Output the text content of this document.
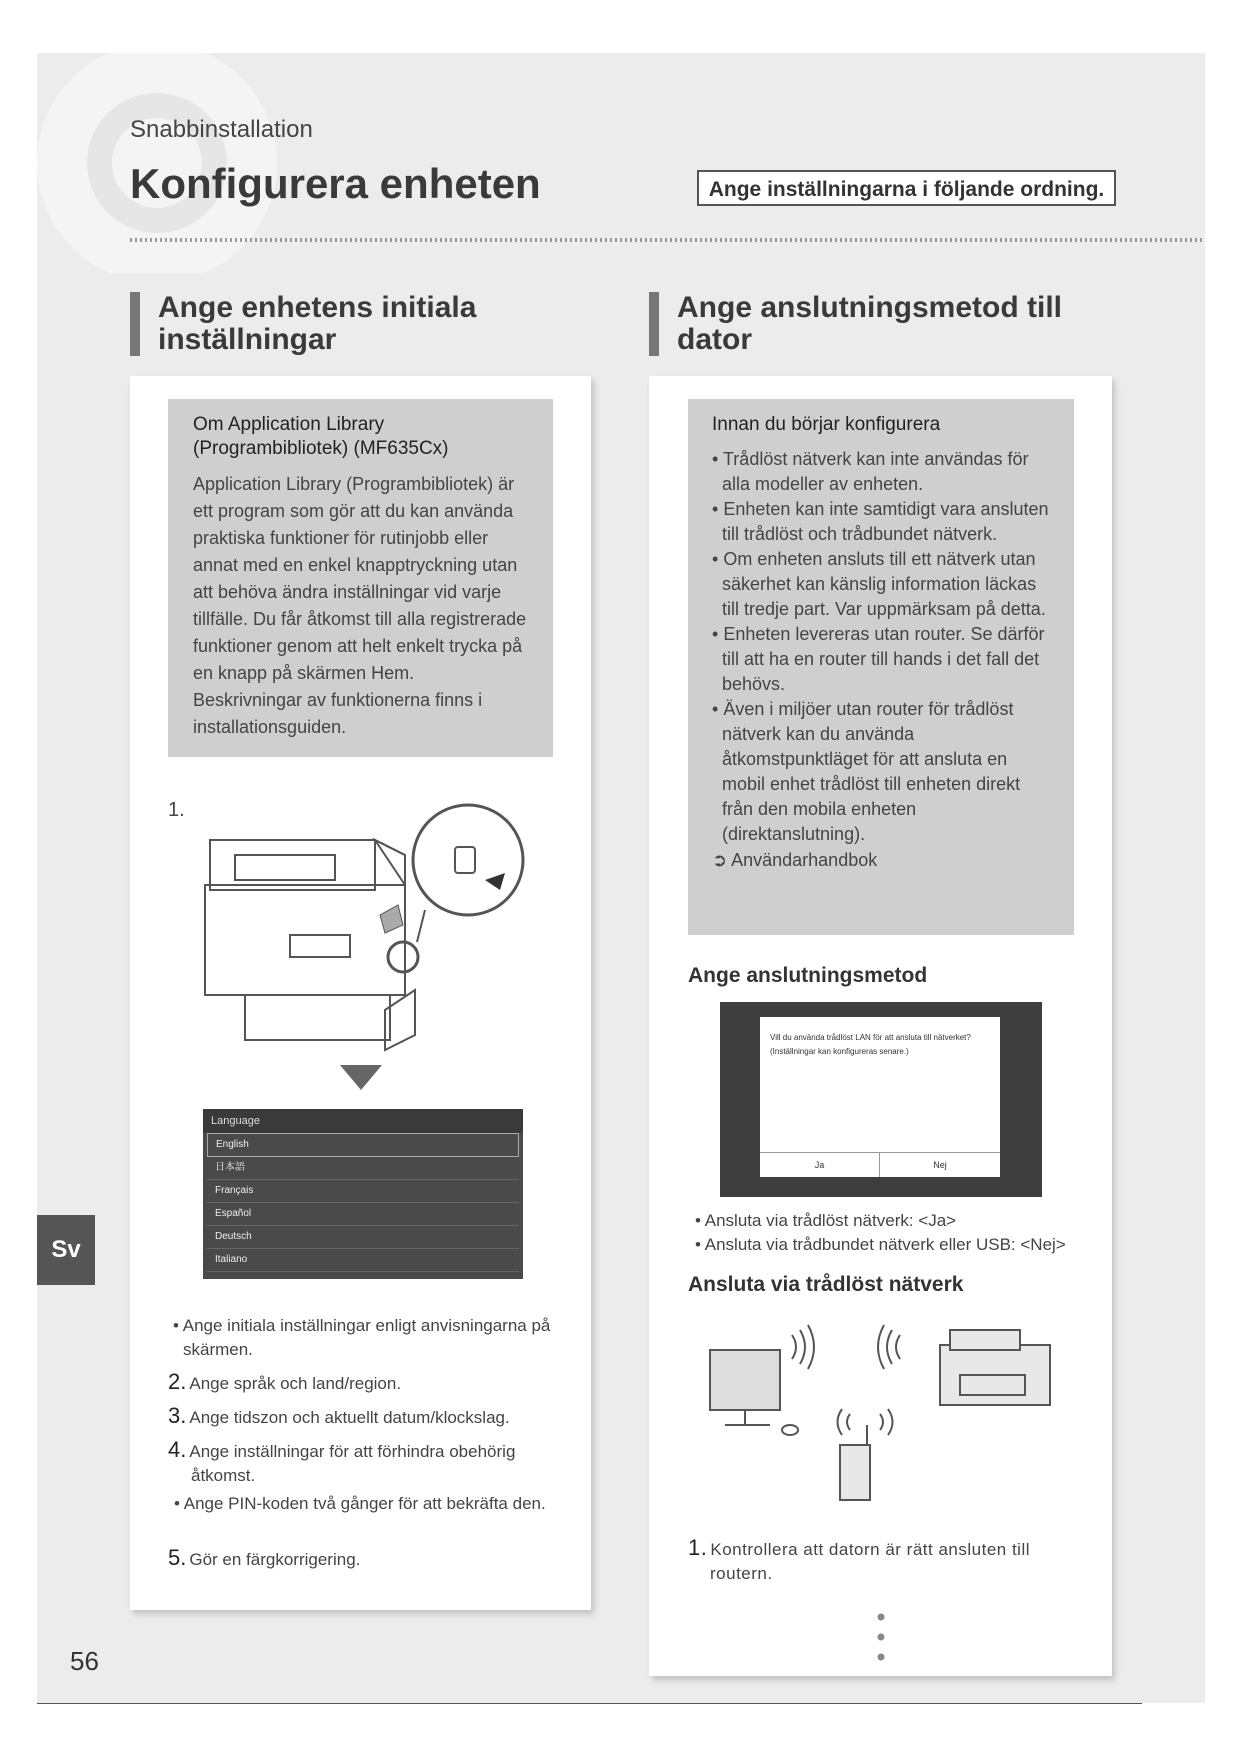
Snabbinstallation
Konfigurera enheten	Ange inställningarna i följande ordning.
Ange enhetens initiala
inställningar
Om Application Library
(Programbibliotek) (MF635Cx)

Application Library (Programbibliotek) är ett program som gör att du kan använda praktiska funktioner för rutinjobb eller annat med en enkel knapptryckning utan att behöva ändra inställningar vid varje tillfälle. Du får åtkomst till alla registrerade funktioner genom att helt enkelt trycka på en knapp på skärmen Hem. Beskrivningar av funktionerna finns i installationsguiden.

1.
Language
English
日本語
Français
Español
Deutsch
Italiano
• Ange initiala inställningar enligt anvisningarna på skärmen.
2. Ange språk och land/region.
3. Ange tidszon och aktuellt datum/klockslag.
4. Ange inställningar för att förhindra obehörig åtkomst.
• Ange PIN-koden två gånger för att bekräfta den.
5. Gör en färgkorrigering.
Ange anslutningsmetod till
dator
Innan du börjar konfigurera
• Trådlöst nätverk kan inte användas för alla modeller av enheten.
• Enheten kan inte samtidigt vara ansluten till trådlöst och trådbundet nätverk.
• Om enheten ansluts till ett nätverk utan säkerhet kan känslig information läckas till tredje part. Var uppmärksam på detta.
• Enheten levereras utan router. Se därför till att ha en router till hands i det fall det behövs.
• Även i miljöer utan router för trådlöst nätverk kan du använda åtkomstpunktläget för att ansluta en mobil enhet trådlöst till enheten direkt från den mobila enheten (direktanslutning).
➲ Användarhandbok
Ange anslutningsmetod
Vill du använda trådlöst LAN för att ansluta till nätverket? (Inställningar kan konfigureras senare.)
Ja	Nej
• Ansluta via trådlöst nätverk: <Ja>
• Ansluta via trådbundet nätverk eller USB: <Nej>
Ansluta via trådlöst nätverk
1. Kontrollera att datorn är rätt ansluten till routern.
Sv
56
